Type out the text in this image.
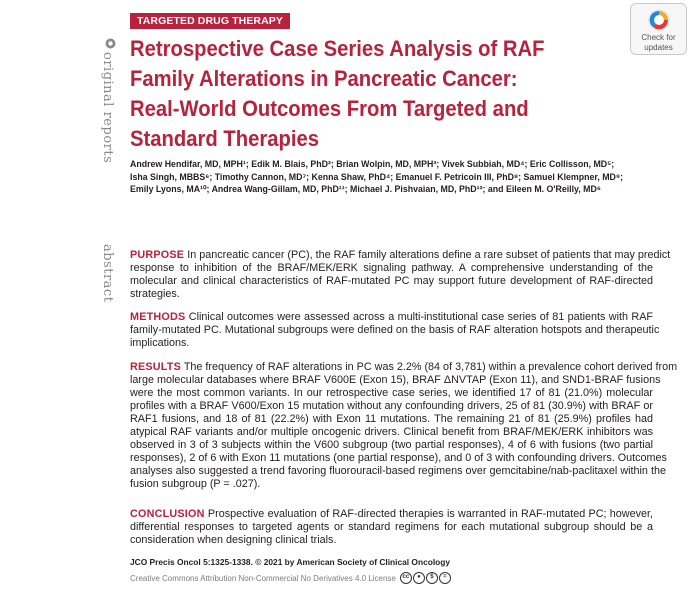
TARGETED DRUG THERAPY
Check for
updates
original reports
abstract
Retrospective Case Series Analysis of RAF
Family Alterations in Pancreatic Cancer:
Real-World Outcomes From Targeted and
Standard Therapies
Andrew Hendifar, MD, MPH¹; Edik M. Blais, PhD²; Brian Wolpin, MD, MPH³; Vivek Subbiah, MD⁴; Eric Collisson, MD⁵;
Isha Singh, MBBS⁶; Timothy Cannon, MD⁷; Kenna Shaw, PhD⁴; Emanuel F. Petricoin III, PhD⁸; Samuel Klempner, MD⁹;
Emily Lyons, MA¹⁰; Andrea Wang-Gillam, MD, PhD¹¹; Michael J. Pishvaian, MD, PhD¹²; and Eileen M. O'Reilly, MD⁶
PURPOSE In pancreatic cancer (PC), the RAF family alterations define a rare subset of patients that may predict
response to inhibition of the BRAF/MEK/ERK signaling pathway. A comprehensive understanding of the
molecular and clinical characteristics of RAF-mutated PC may support future development of RAF-directed
strategies.
METHODS Clinical outcomes were assessed across a multi-institutional case series of 81 patients with RAF
family-mutated PC. Mutational subgroups were defined on the basis of RAF alteration hotspots and therapeutic
implications.
RESULTS The frequency of RAF alterations in PC was 2.2% (84 of 3,781) within a prevalence cohort derived from
large molecular databases where BRAF V600E (Exon 15), BRAF ΔNVTAP (Exon 11), and SND1-BRAF fusions
were the most common variants. In our retrospective case series, we identified 17 of 81 (21.0%) molecular
profiles with a BRAF V600/Exon 15 mutation without any confounding drivers, 25 of 81 (30.9%) with BRAF or
RAF1 fusions, and 18 of 81 (22.2%) with Exon 11 mutations. The remaining 21 of 81 (25.9%) profiles had
atypical RAF variants and/or multiple oncogenic drivers. Clinical benefit from BRAF/MEK/ERK inhibitors was
observed in 3 of 3 subjects within the V600 subgroup (two partial responses), 4 of 6 with fusions (two partial
responses), 2 of 6 with Exon 11 mutations (one partial response), and 0 of 3 with confounding drivers. Outcomes
analyses also suggested a trend favoring fluorouracil-based regimens over gemcitabine/nab-paclitaxel within the
fusion subgroup (P = .027).
CONCLUSION Prospective evaluation of RAF-directed therapies is warranted in RAF-mutated PC; however,
differential responses to targeted agents or standard regimens for each mutational subgroup should be a
consideration when designing clinical trials.
JCO Precis Oncol 5:1325-1338. © 2021 by American Society of Clinical Oncology
Creative Commons Attribution Non-Commercial No Derivatives 4.0 License	cc	●	$	=
